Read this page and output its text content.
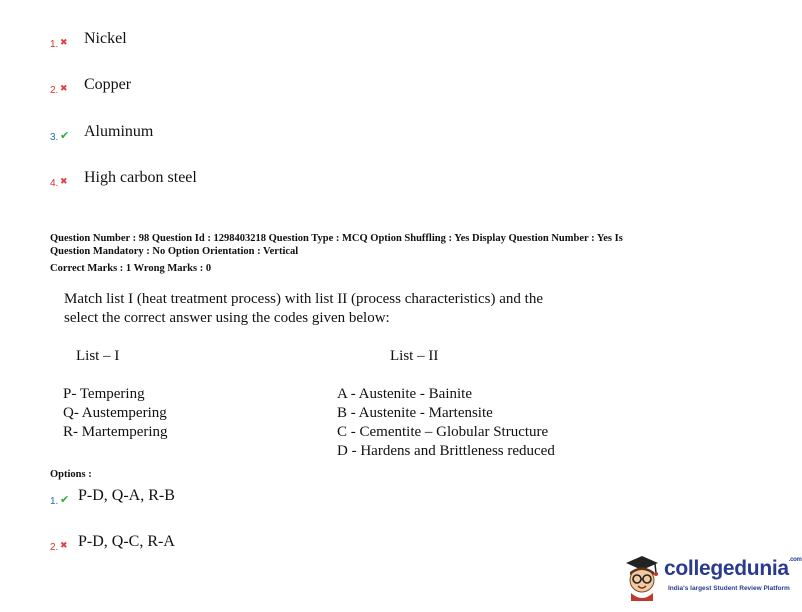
1. ✖ Nickel
2. ✖ Copper
3. ✔ Aluminum
4. ✖ High carbon steel
Question Number : 98 Question Id : 1298403218 Question Type : MCQ Option Shuffling : Yes Display Question Number : Yes Is
Question Mandatory : No Option Orientation : Vertical
Correct Marks : 1 Wrong Marks : 0
Match list I (heat treatment process) with list II (process characteristics) and the
select the correct answer using the codes given below:
List – I	List – II
P- Tempering
Q- Austempering
R- Martempering
A - Austenite - Bainite
B - Austenite - Martensite
C - Cementite – Globular Structure
D - Hardens and Brittleness reduced
Options :
1. ✔ P-D, Q-A, R-B
2. ✖ P-D, Q-C, R-A
collegedunia$^{.com}$
India's largest Student Review Platform
